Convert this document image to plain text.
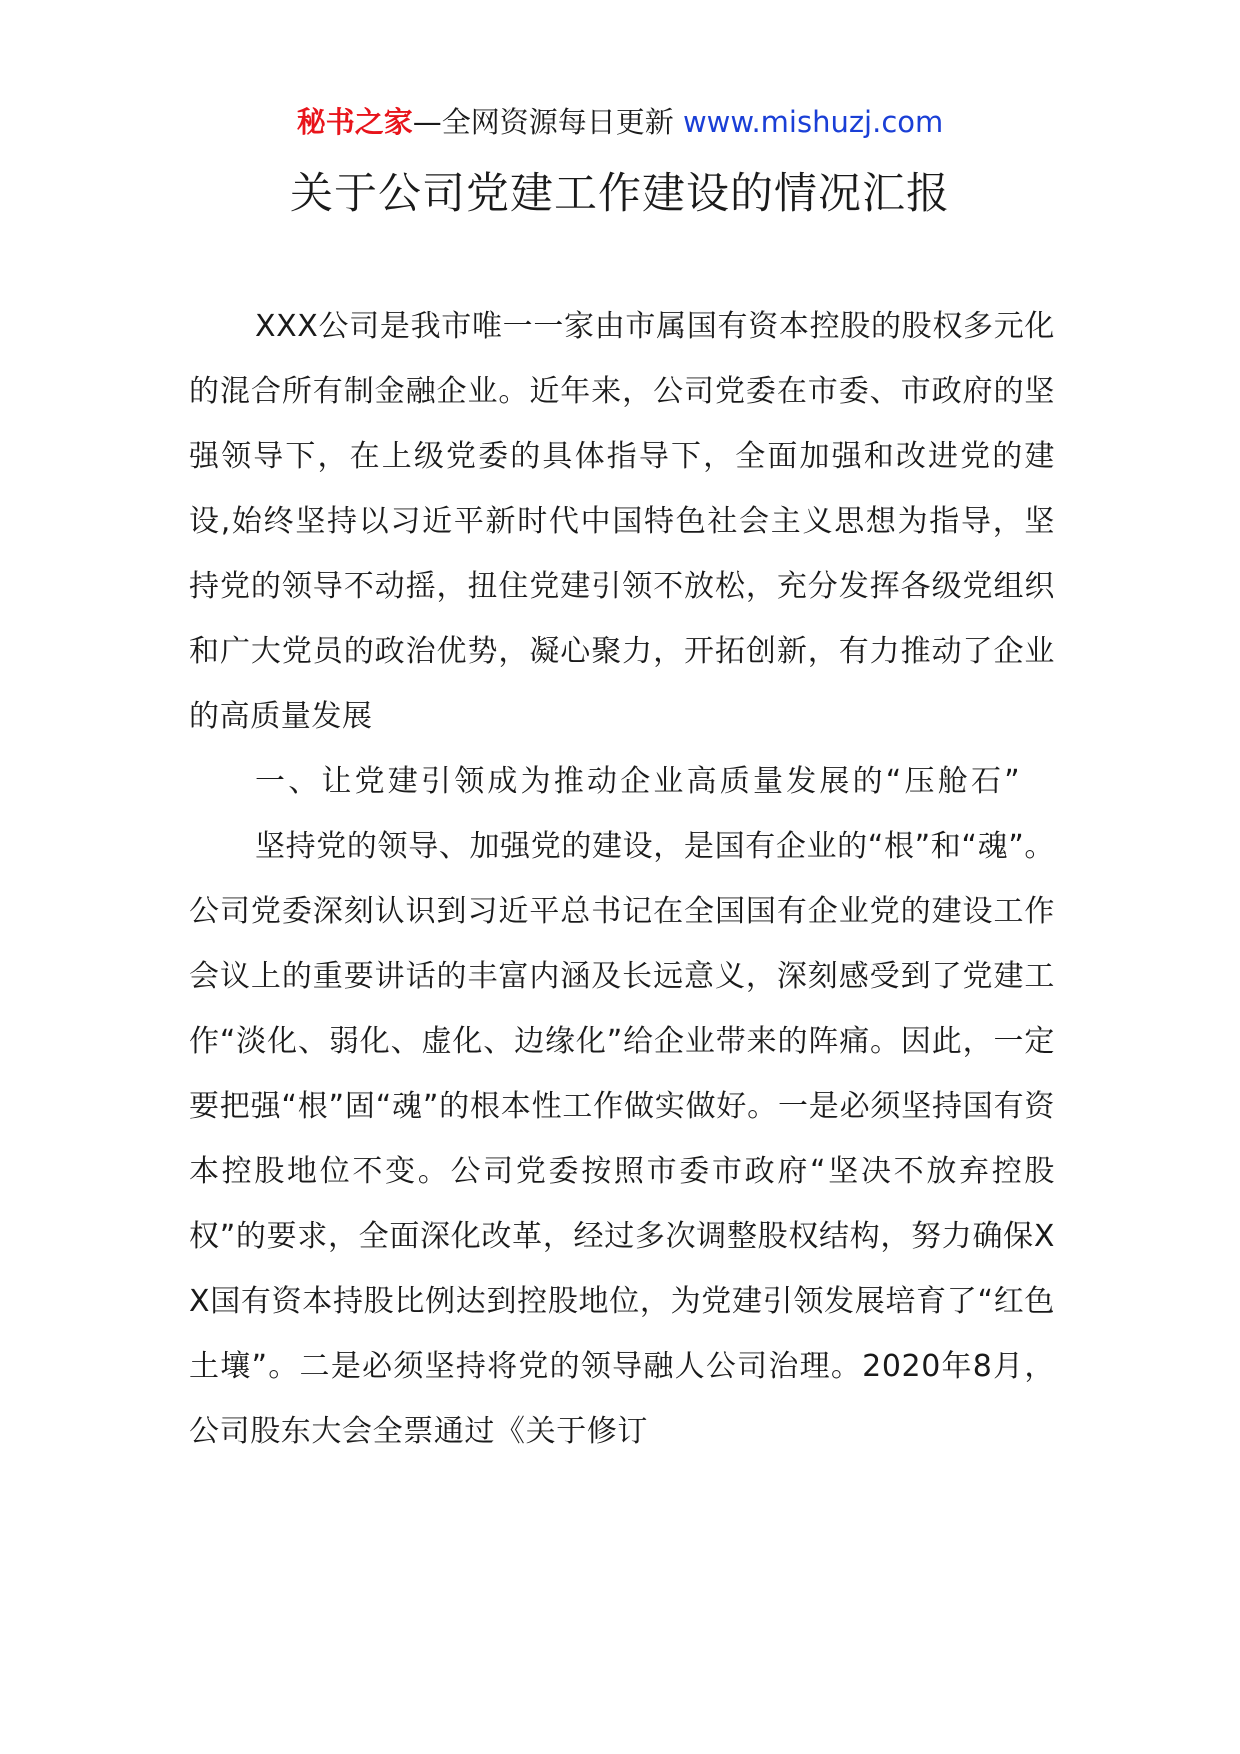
秘书之家—全网资源每日更新 www.mishuzj.com
关于公司党建工作建设的情况汇报

XXX公司是我市唯一一家由市属国有资本控股的股权多元化的混合所有制金融企业。近年来，公司党委在市委、市政府的坚强领导下，在上级党委的具体指导下，全面加强和改进党的建设,始终坚持以习近平新时代中国特色社会主义思想为指导，坚持党的领导不动摇，扭住党建引领不放松，充分发挥各级党组织和广大党员的政治优势，凝心聚力，开拓创新，有力推动了企业的高质量发展

一、让党建引领成为推动企业高质量发展的“压舱石”

坚持党的领导、加强党的建设，是国有企业的“根”和“魂”。公司党委深刻认识到习近平总书记在全国国有企业党的建设工作会议上的重要讲话的丰富内涵及长远意义，深刻感受到了党建工作“淡化、弱化、虚化、边缘化”给企业带来的阵痛。因此，一定要把强“根”固“魂”的根本性工作做实做好。一是必须坚持国有资本控股地位不变。公司党委按照市委市政府“坚决不放弃控股权”的要求，全面深化改革，经过多次调整股权结构，努力确保XX国有资本持股比例达到控股地位，为党建引领发展培育了“红色土壤”。二是必须坚持将党的领导融人公司治理。2020年8月，公司股东大会全票通过《关于修订
